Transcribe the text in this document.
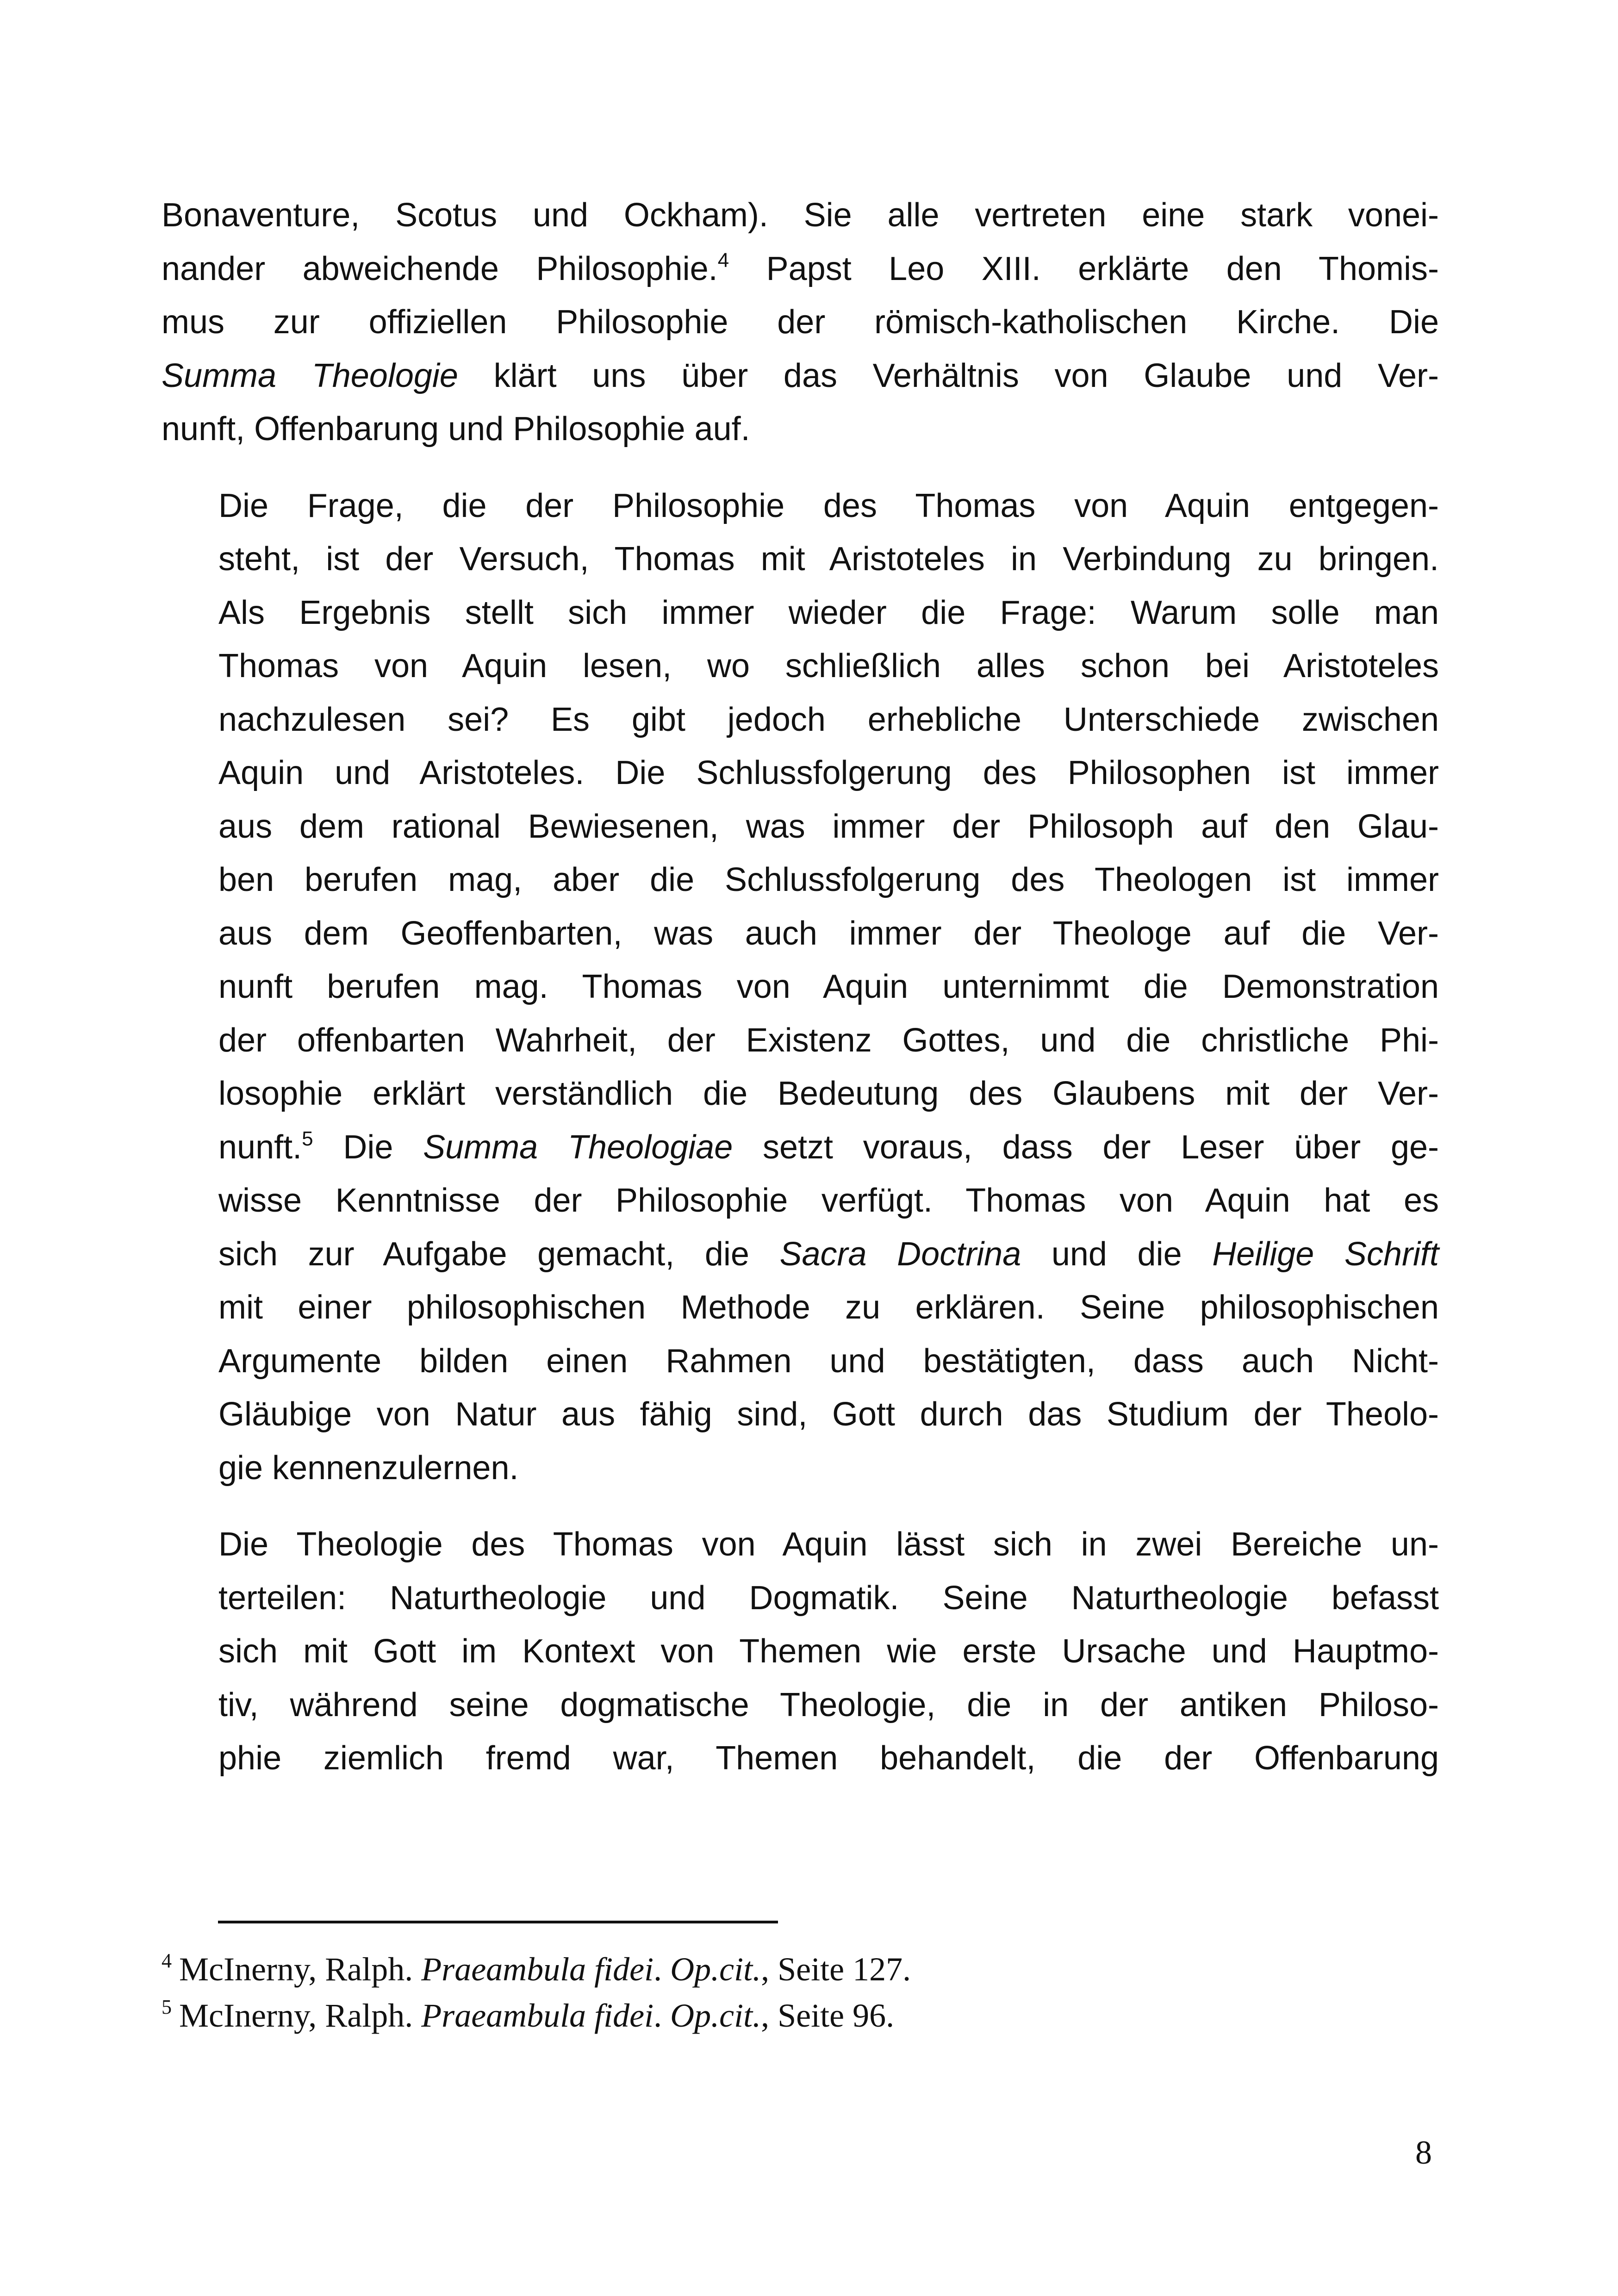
Bonaventure, Scotus und Ockham). Sie alle vertreten eine stark vonei-
nander abweichende Philosophie.$^4$ Papst Leo XIII. erklärte den Thomis-
mus zur offiziellen Philosophie der römisch-katholischen Kirche. Die
Summa Theologie klärt uns über das Verhältnis von Glaube und Ver-
nunft, Offenbarung und Philosophie auf.

Die Frage, die der Philosophie des Thomas von Aquin entgegen-
steht, ist der Versuch, Thomas mit Aristoteles in Verbindung zu bringen.
Als Ergebnis stellt sich immer wieder die Frage: Warum solle man
Thomas von Aquin lesen, wo schließlich alles schon bei Aristoteles
nachzulesen sei? Es gibt jedoch erhebliche Unterschiede zwischen
Aquin und Aristoteles. Die Schlussfolgerung des Philosophen ist immer
aus dem rational Bewiesenen, was immer der Philosoph auf den Glau-
ben berufen mag, aber die Schlussfolgerung des Theologen ist immer
aus dem Geoffenbarten, was auch immer der Theologe auf die Ver-
nunft berufen mag. Thomas von Aquin unternimmt die Demonstration
der offenbarten Wahrheit, der Existenz Gottes, und die christliche Phi-
losophie erklärt verständlich die Bedeutung des Glaubens mit der Ver-
nunft.$^5$ Die Summa Theologiae setzt voraus, dass der Leser über ge-
wisse Kenntnisse der Philosophie verfügt. Thomas von Aquin hat es
sich zur Aufgabe gemacht, die Sacra Doctrina und die Heilige Schrift
mit einer philosophischen Methode zu erklären. Seine philosophischen
Argumente bilden einen Rahmen und bestätigten, dass auch Nicht-
Gläubige von Natur aus fähig sind, Gott durch das Studium der Theolo-
gie kennenzulernen.

Die Theologie des Thomas von Aquin lässt sich in zwei Bereiche un-
terteilen: Naturtheologie und Dogmatik. Seine Naturtheologie befasst
sich mit Gott im Kontext von Themen wie erste Ursache und Hauptmo-
tiv, während seine dogmatische Theologie, die in der antiken Philoso-
phie ziemlich fremd war, Themen behandelt, die der Offenbarung

$^4$ McInerny, Ralph. Praeambula fidei. Op.cit., Seite 127.
$^5$ McInerny, Ralph. Praeambula fidei. Op.cit., Seite 96.
8
